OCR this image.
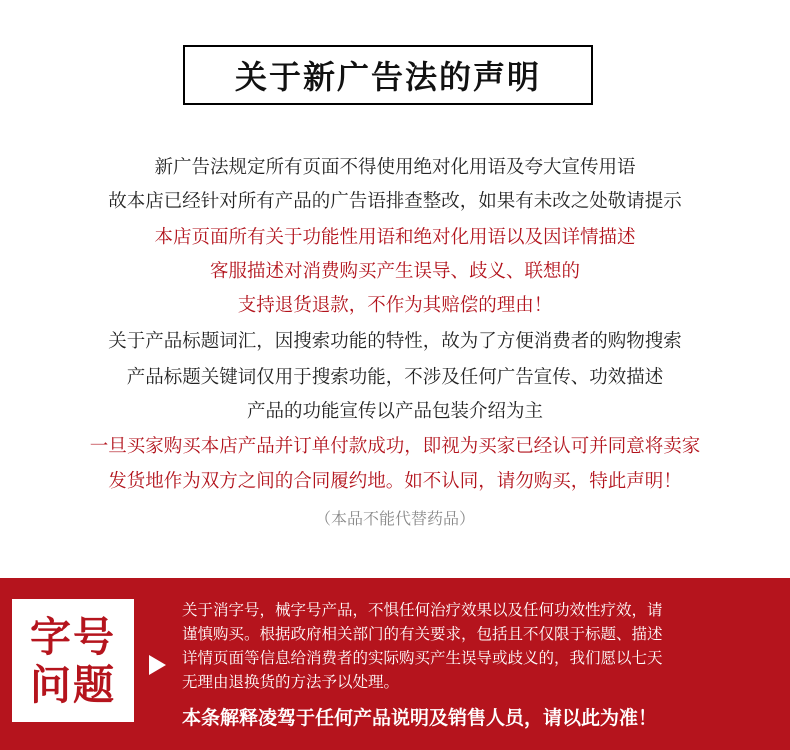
关于新广告法的声明
新广告法规定所有页面不得使用绝对化用语及夸大宣传用语
故本店已经针对所有产品的广告语排查整改，如果有未改之处敬请提示
本店页面所有关于功能性用语和绝对化用语以及因详情描述
客服描述对消费购买产生误导、歧义、联想的
支持退货退款，不作为其赔偿的理由！
关于产品标题词汇，因搜索功能的特性，故为了方便消费者的购物搜索
产品标题关键词仅用于搜索功能，不涉及任何广告宣传、功效描述
产品的功能宣传以产品包装介绍为主
一旦买家购买本店产品并订单付款成功，即视为买家已经认可并同意将卖家
发货地作为双方之间的合同履约地。如不认同，请勿购买，特此声明！
（本品不能代替药品）
字号
问题
关于消字号，械字号产品，不惧任何治疗效果以及任何功效性疗效，请
谨慎购买。根据政府相关部门的有关要求，包括且不仅限于标题、描述
详情页面等信息给消费者的实际购买产生误导或歧义的，我们愿以七天
无理由退换货的方法予以处理。
本条解释凌驾于任何产品说明及销售人员，请以此为准！
